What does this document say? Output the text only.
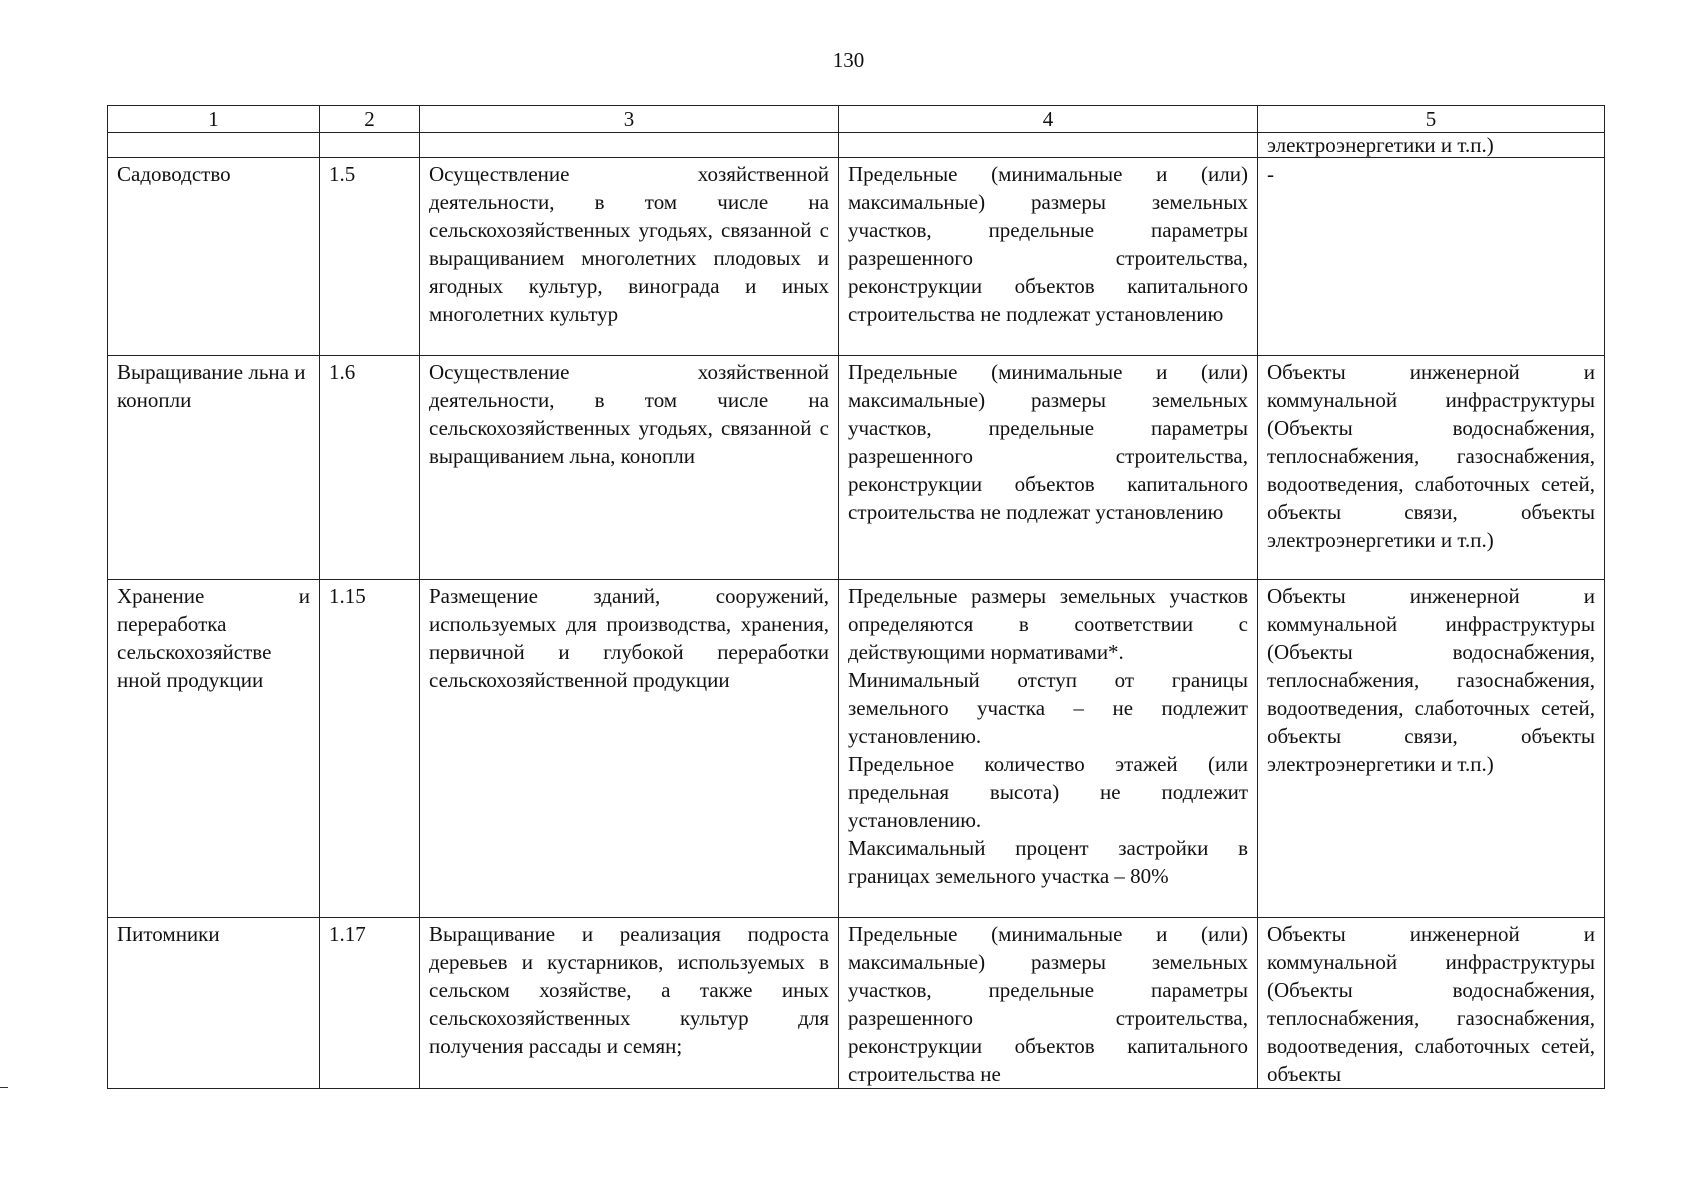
130
1	2	3	4	5
				электроэнергетики и т.п.)
Садоводство	1.5	Осуществление хозяйственной деятельности, в том числе на сельскохозяйственных угодьях, связанной с выращиванием многолетних плодовых и ягодных культур, винограда и иных многолетних культур	Предельные (минимальные и (или) максимальные) размеры земельных участков, предельные параметры разрешенного строительства, реконструкции объектов капитального строительства не подлежат установлению	-
Выращивание льна и конопли	1.6	Осуществление хозяйственной деятельности, в том числе на сельскохозяйственных угодьях, связанной с выращиванием льна, конопли	Предельные (минимальные и (или) максимальные) размеры земельных участков, предельные параметры разрешенного строительства, реконструкции объектов капитального строительства не подлежат установлению	Объекты инженерной и коммунальной инфраструктуры (Объекты водоснабжения, теплоснабжения, газоснабжения, водоотведения, слаботочных сетей, объекты связи, объекты электроэнергетики и т.п.)
Хранение и переработка сельскохозяйстве нной продукции	1.15	Размещение зданий, сооружений, используемых для производства, хранения, первичной и глубокой переработки сельскохозяйственной продукции	Предельные размеры земельных участков определяются в соответствии с действующими нормативами*.
Минимальный отступ от границы земельного участка – не подлежит установлению.
Предельное количество этажей (или предельная высота) не подлежит установлению.
Максимальный процент застройки в границах земельного участка – 80%	Объекты инженерной и коммунальной инфраструктуры (Объекты водоснабжения, теплоснабжения, газоснабжения, водоотведения, слаботочных сетей, объекты связи, объекты электроэнергетики и т.п.)
Питомники	1.17	Выращивание и реализация подроста деревьев и кустарников, используемых в сельском хозяйстве, а также иных сельскохозяйственных культур для получения рассады и семян;	Предельные (минимальные и (или) максимальные) размеры земельных участков, предельные параметры разрешенного строительства, реконструкции объектов капитального строительства не	Объекты инженерной и коммунальной инфраструктуры (Объекты водоснабжения, теплоснабжения, газоснабжения, водоотведения, слаботочных сетей, объекты
